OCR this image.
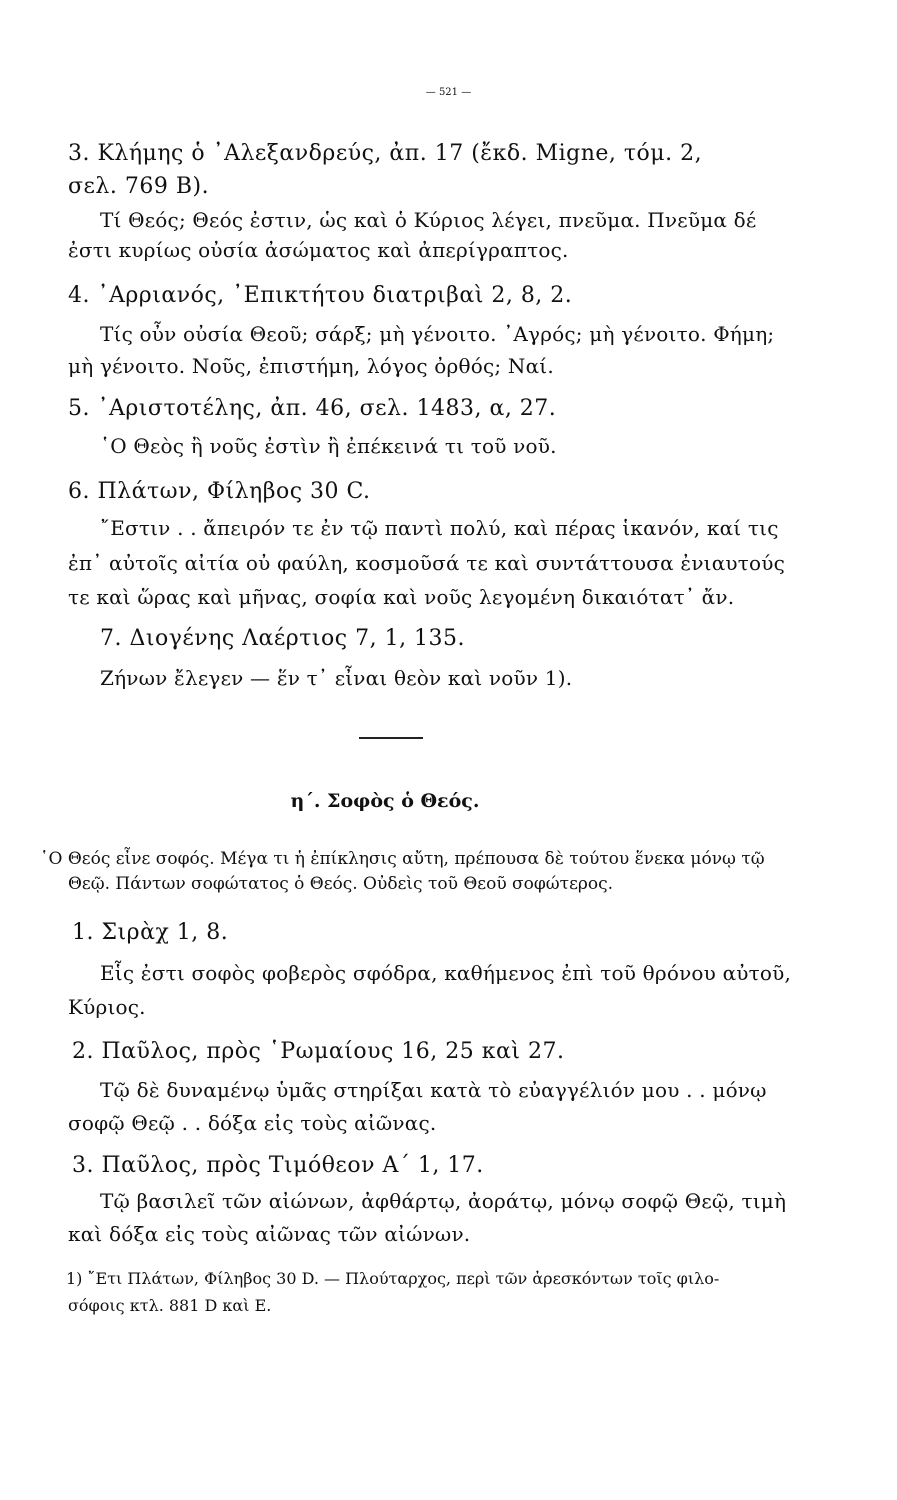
— 521 —
3. Κλήμης ὁ ᾿Αλεξανδρεύς, ἀπ. 17 (ἔκδ. Migne, τόμ. 2,
σελ. 769 B).
Τί Θεός; Θεός ἐστιν, ὡς καὶ ὁ Κύριος λέγει, πνεῦμα. Πνεῦμα δέ
ἐστι κυρίως οὐσία ἀσώματος καὶ ἀπερίγραπτος.
4. ᾿Αρριανός, ᾿Επικτήτου διατριβαὶ 2, 8, 2.
Τίς οὖν οὐσία Θεοῦ; σάρξ; μὴ γένοιτο. ᾿Αγρός; μὴ γένοιτο. Φήμη;
μὴ γένοιτο. Νοῦς, ἐπιστήμη, λόγος ὀρθός; Ναί.
5. ᾿Αριστοτέλης, ἀπ. 46, σελ. 1483, α, 27.
῾Ο Θεὸς ἢ νοῦς ἐστὶν ἢ ἐπέκεινά τι τοῦ νοῦ.
6. Πλάτων, Φίληβος 30 C.
῎Εστιν . . ἄπειρόν τε ἐν τῷ παντὶ πολύ, καὶ πέρας ἱκανόν, καί τις
ἐπ᾿ αὐτοῖς αἰτία οὐ φαύλη, κοσμοῦσά τε καὶ συντάττουσα ἐνιαυτούς
τε καὶ ὥρας καὶ μῆνας, σοφία καὶ νοῦς λεγομένη δικαιότατ᾿ ἄν.
7. Διογένης Λαέρτιος 7, 1, 135.
Ζήνων ἔλεγεν — ἕν τ᾿ εἶναι θεὸν καὶ νοῦν 1).
η΄. Σοφὸς ὁ Θεός.
῾Ο Θεός εἶνε σοφός. Μέγα τι ἡ ἐπίκλησις αὔτη, πρέπουσα δὲ τούτου ἕνεκα μόνῳ τῷ
Θεῷ. Πάντων σοφώτατος ὁ Θεός. Οὐδεὶς τοῦ Θεοῦ σοφώτερος.
1. Σιρὰχ 1, 8.
Εἷς ἐστι σοφὸς φοβερὸς σφόδρα, καθήμενος ἐπὶ τοῦ θρόνου αὐτοῦ,
Κύριος.
2. Παῦλος, πρὸς ῾Ρωμαίους 16, 25 καὶ 27.
Τῷ δὲ δυναμένῳ ὑμᾶς στηρίξαι κατὰ τὸ εὐαγγέλιόν μου . . μόνῳ
σοφῷ Θεῷ . . δόξα εἰς τοὺς αἰῶνας.
3. Παῦλος, πρὸς Τιμόθεον Α΄ 1, 17.
Τῷ βασιλεῖ τῶν αἰώνων, ἀφθάρτῳ, ἀοράτῳ, μόνῳ σοφῷ Θεῷ, τιμὴ
καὶ δόξα εἰς τοὺς αἰῶνας τῶν αἰώνων.
1) ῎Ετι Πλάτων, Φίληβος 30 D. — Πλούταρχος, περὶ τῶν ἀρεσκόντων τοῖς φιλο-
σόφοις κτλ. 881 D καὶ E.
